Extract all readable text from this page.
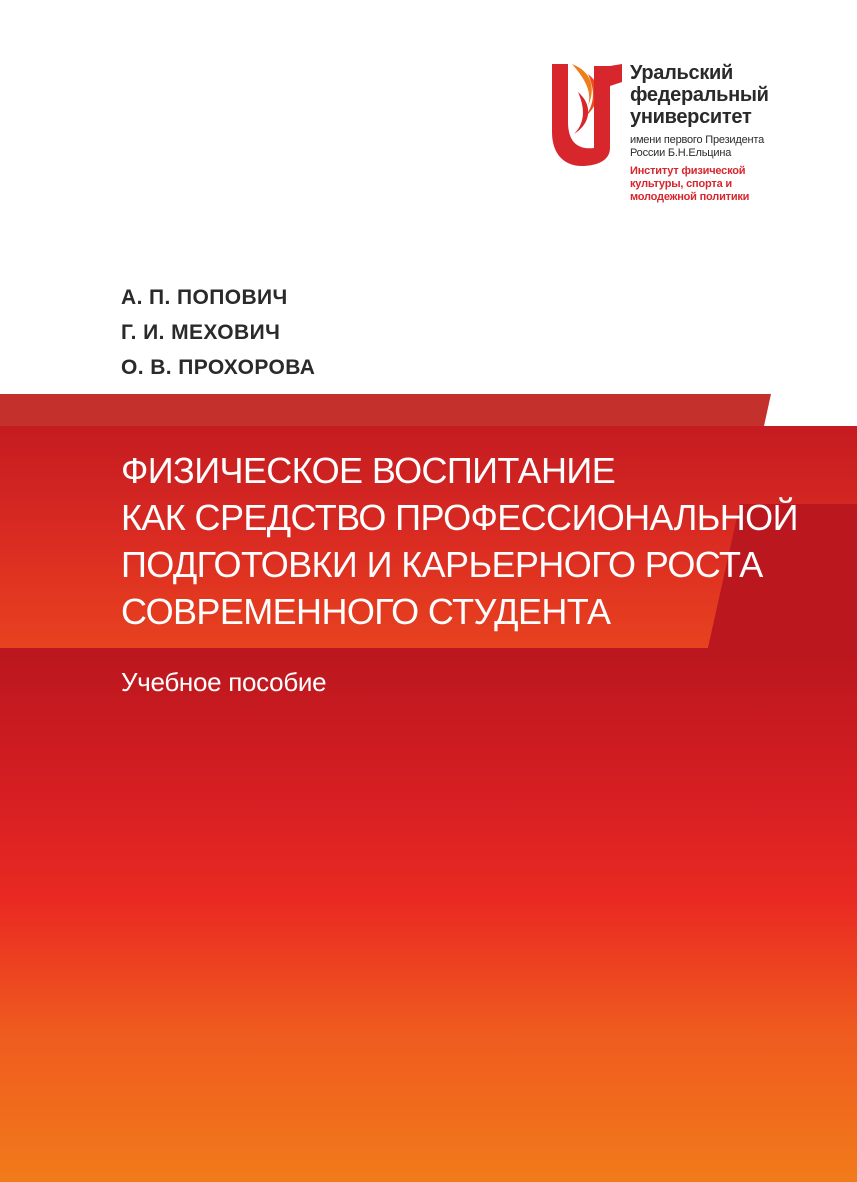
Уральский
федеральный
университет
имени первого Президента
России Б.Н.Ельцина
Институт физической
культуры, спорта и
молодежной политики
А. П. ПОПОВИЧ
Г. И. МЕХОВИЧ
О. В. ПРОХОРОВА
ФИЗИЧЕСКОЕ ВОСПИТАНИЕ
КАК СРЕДСТВО ПРОФЕССИОНАЛЬНОЙ
ПОДГОТОВКИ И КАРЬЕРНОГО РОСТА
СОВРЕМЕННОГО СТУДЕНТА
Учебное пособие
